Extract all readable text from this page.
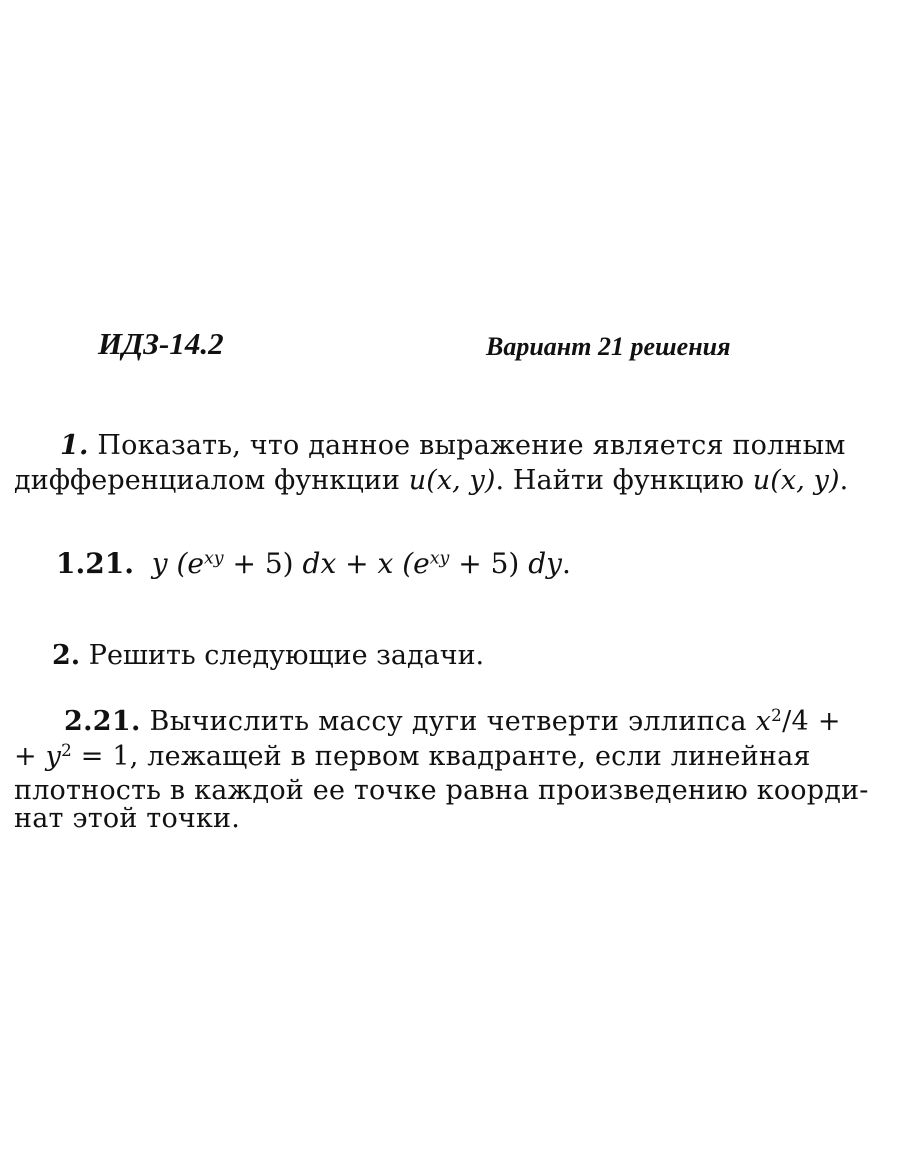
ИДЗ-14.2	Вариант 21 решения
1. Показать, что данное выражение является полным
дифференциалом функции u(x, y). Найти функцию u(x, y).
1.21. y $(e^{xy} + 5)$ dx + x $(e^{xy} + 5)$ dy.
2. Решить следующие задачи.
2.21. Вычислить массу дуги четверти эллипса $x^2/4$ +
+ $y^2 = 1$, лежащей в первом квадранте, если линейная
плотность в каждой ее точке равна произведению коорди-
нат этой точки.
